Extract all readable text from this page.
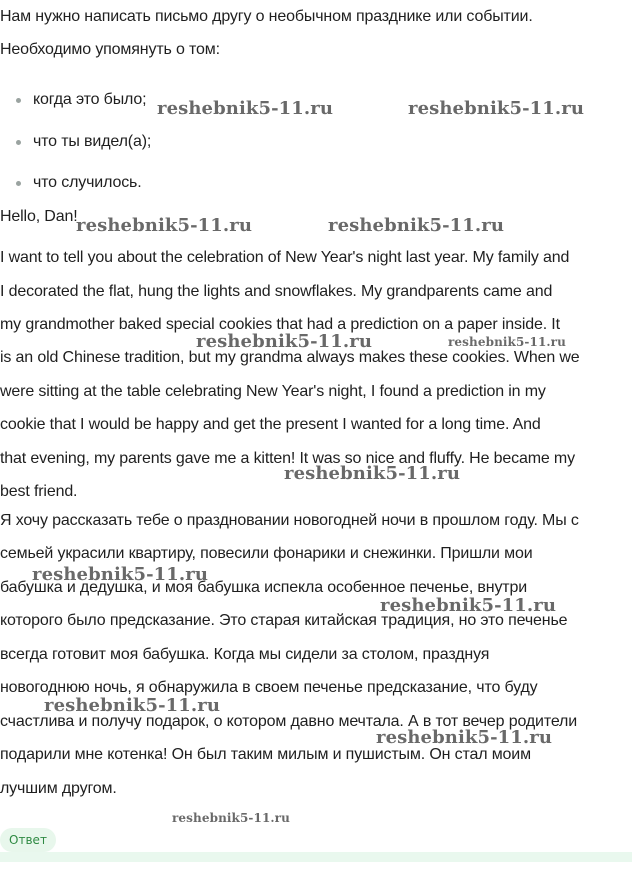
Нам нужно написать письмо другу о необычном празднике или событии.
Необходимо упомянуть о том:
когда это было;
что ты видел(а);
что случилось.
Hello, Dan!
I want to tell you about the celebration of New Year's night last year. My family and
I decorated the flat, hung the lights and snowflakes. My grandparents came and
my grandmother baked special cookies that had a prediction on a paper inside. It
is an old Chinese tradition, but my grandma always makes these cookies. When we
were sitting at the table celebrating New Year's night, I found a prediction in my
cookie that I would be happy and get the present I wanted for a long time. And
that evening, my parents gave me a kitten! It was so nice and fluffy. He became my
best friend.
Я хочу рассказать тебе о праздновании новогодней ночи в прошлом году. Мы с
семьей украсили квартиру, повесили фонарики и снежинки. Пришли мои
бабушка и дедушка, и моя бабушка испекла особенное печенье, внутри
которого было предсказание. Это старая китайская традиция, но это печенье
всегда готовит моя бабушка. Когда мы сидели за столом, празднуя
новогоднюю ночь, я обнаружила в своем печенье предсказание, что буду
счастлива и получу подарок, о котором давно мечтала. А в тот вечер родители
подарили мне котенка! Он был таким милым и пушистым. Он стал моим
лучшим другом.
reshebnik5-11.ru	reshebnik5-11.ru
reshebnik5-11.ru	reshebnik5-11.ru
reshebnik5-11.ru	reshebnik5-11.ru
reshebnik5-11.ru
reshebnik5-11.ru
reshebnik5-11.ru
reshebnik5-11.ru
reshebnik5-11.ru
reshebnik5-11.ru
Ответ
